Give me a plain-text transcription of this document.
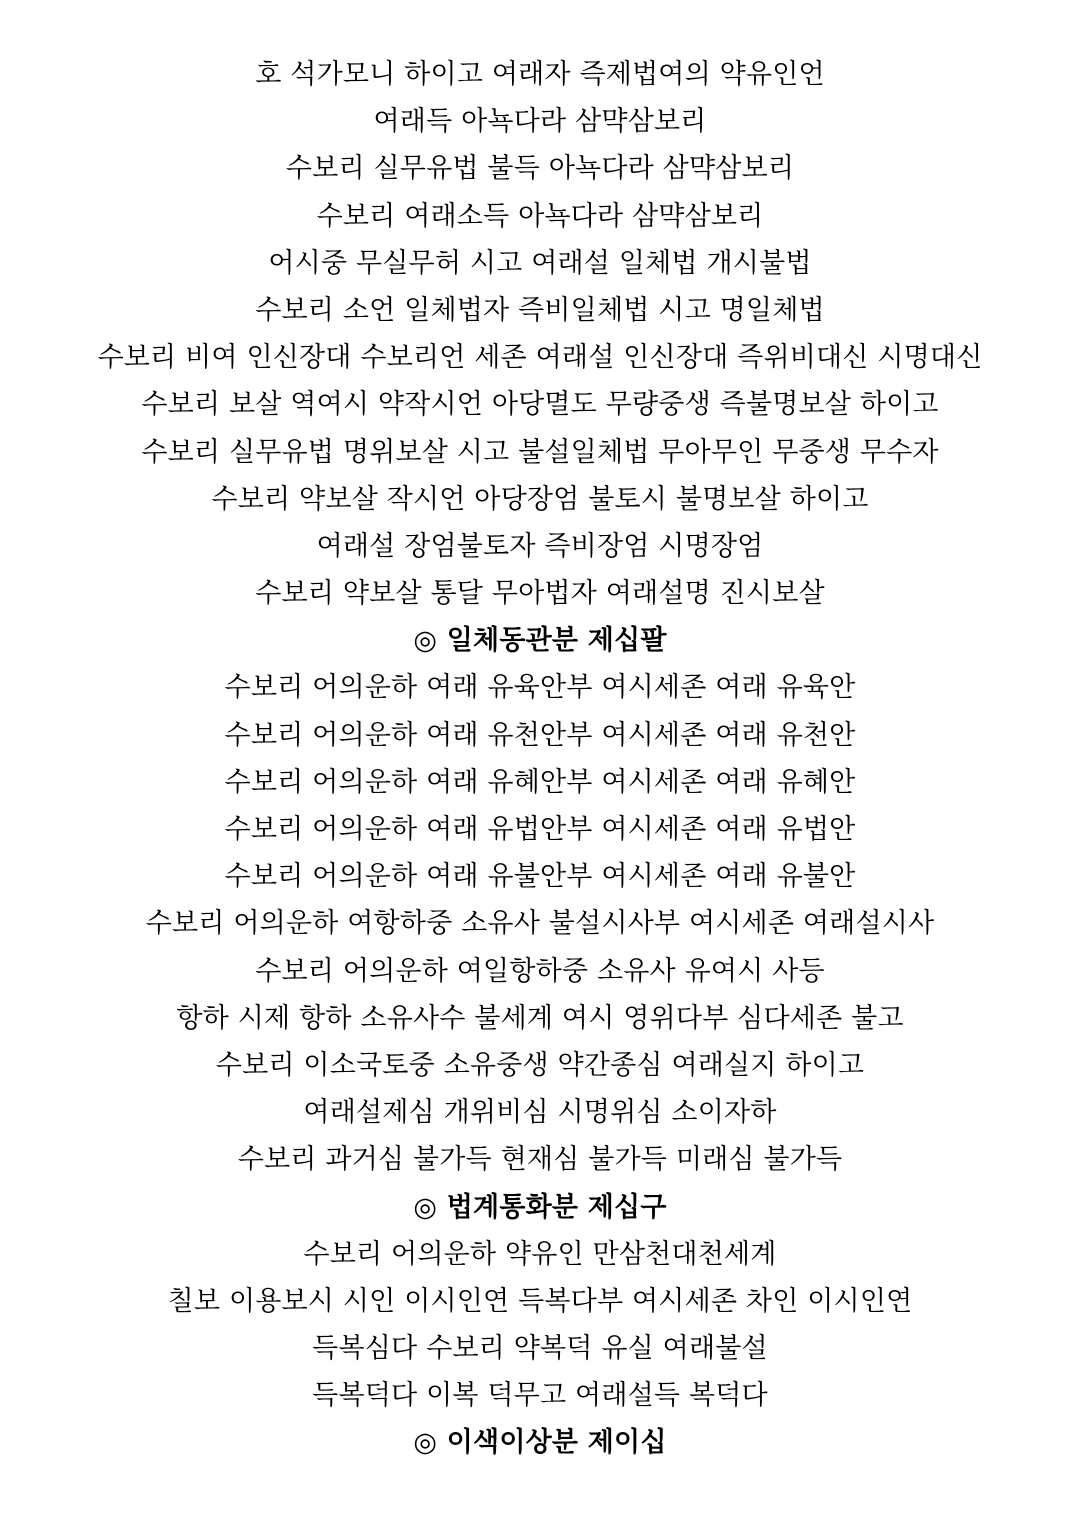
호 석가모니 하이고 여래자 즉제법여의 약유인언
여래득 아뇩다라 삼먁삼보리
수보리 실무유법 불득 아뇩다라 삼먁삼보리
수보리 여래소득 아뇩다라 삼먁삼보리
어시중 무실무허 시고 여래설 일체법 개시불법
수보리 소언 일체법자 즉비일체법 시고 명일체법
수보리 비여 인신장대 수보리언 세존 여래설 인신장대 즉위비대신 시명대신
수보리 보살 역여시 약작시언 아당멸도 무량중생 즉불명보살 하이고
수보리 실무유법 명위보살 시고 불설일체법 무아무인 무중생 무수자
수보리 약보살 작시언 아당장엄 불토시 불명보살 하이고
여래설 장엄불토자 즉비장엄 시명장엄
수보리 약보살 통달 무아법자 여래설명 진시보살
◎ 일체동관분 제십팔
수보리 어의운하 여래 유육안부 여시세존 여래 유육안
수보리 어의운하 여래 유천안부 여시세존 여래 유천안
수보리 어의운하 여래 유혜안부 여시세존 여래 유혜안
수보리 어의운하 여래 유법안부 여시세존 여래 유법안
수보리 어의운하 여래 유불안부 여시세존 여래 유불안
수보리 어의운하 여항하중 소유사 불설시사부 여시세존 여래설시사
수보리 어의운하 여일항하중 소유사 유여시 사등
항하 시제 항하 소유사수 불세계 여시 영위다부 심다세존 불고
수보리 이소국토중 소유중생 약간종심 여래실지 하이고
여래설제심 개위비심 시명위심 소이자하
수보리 과거심 불가득 현재심 불가득 미래심 불가득
◎ 법계통화분 제십구
수보리 어의운하 약유인 만삼천대천세계
칠보 이용보시 시인 이시인연 득복다부 여시세존 차인 이시인연
득복심다 수보리 약복덕 유실 여래불설
득복덕다 이복 덕무고 여래설득 복덕다
◎ 이색이상분 제이십
